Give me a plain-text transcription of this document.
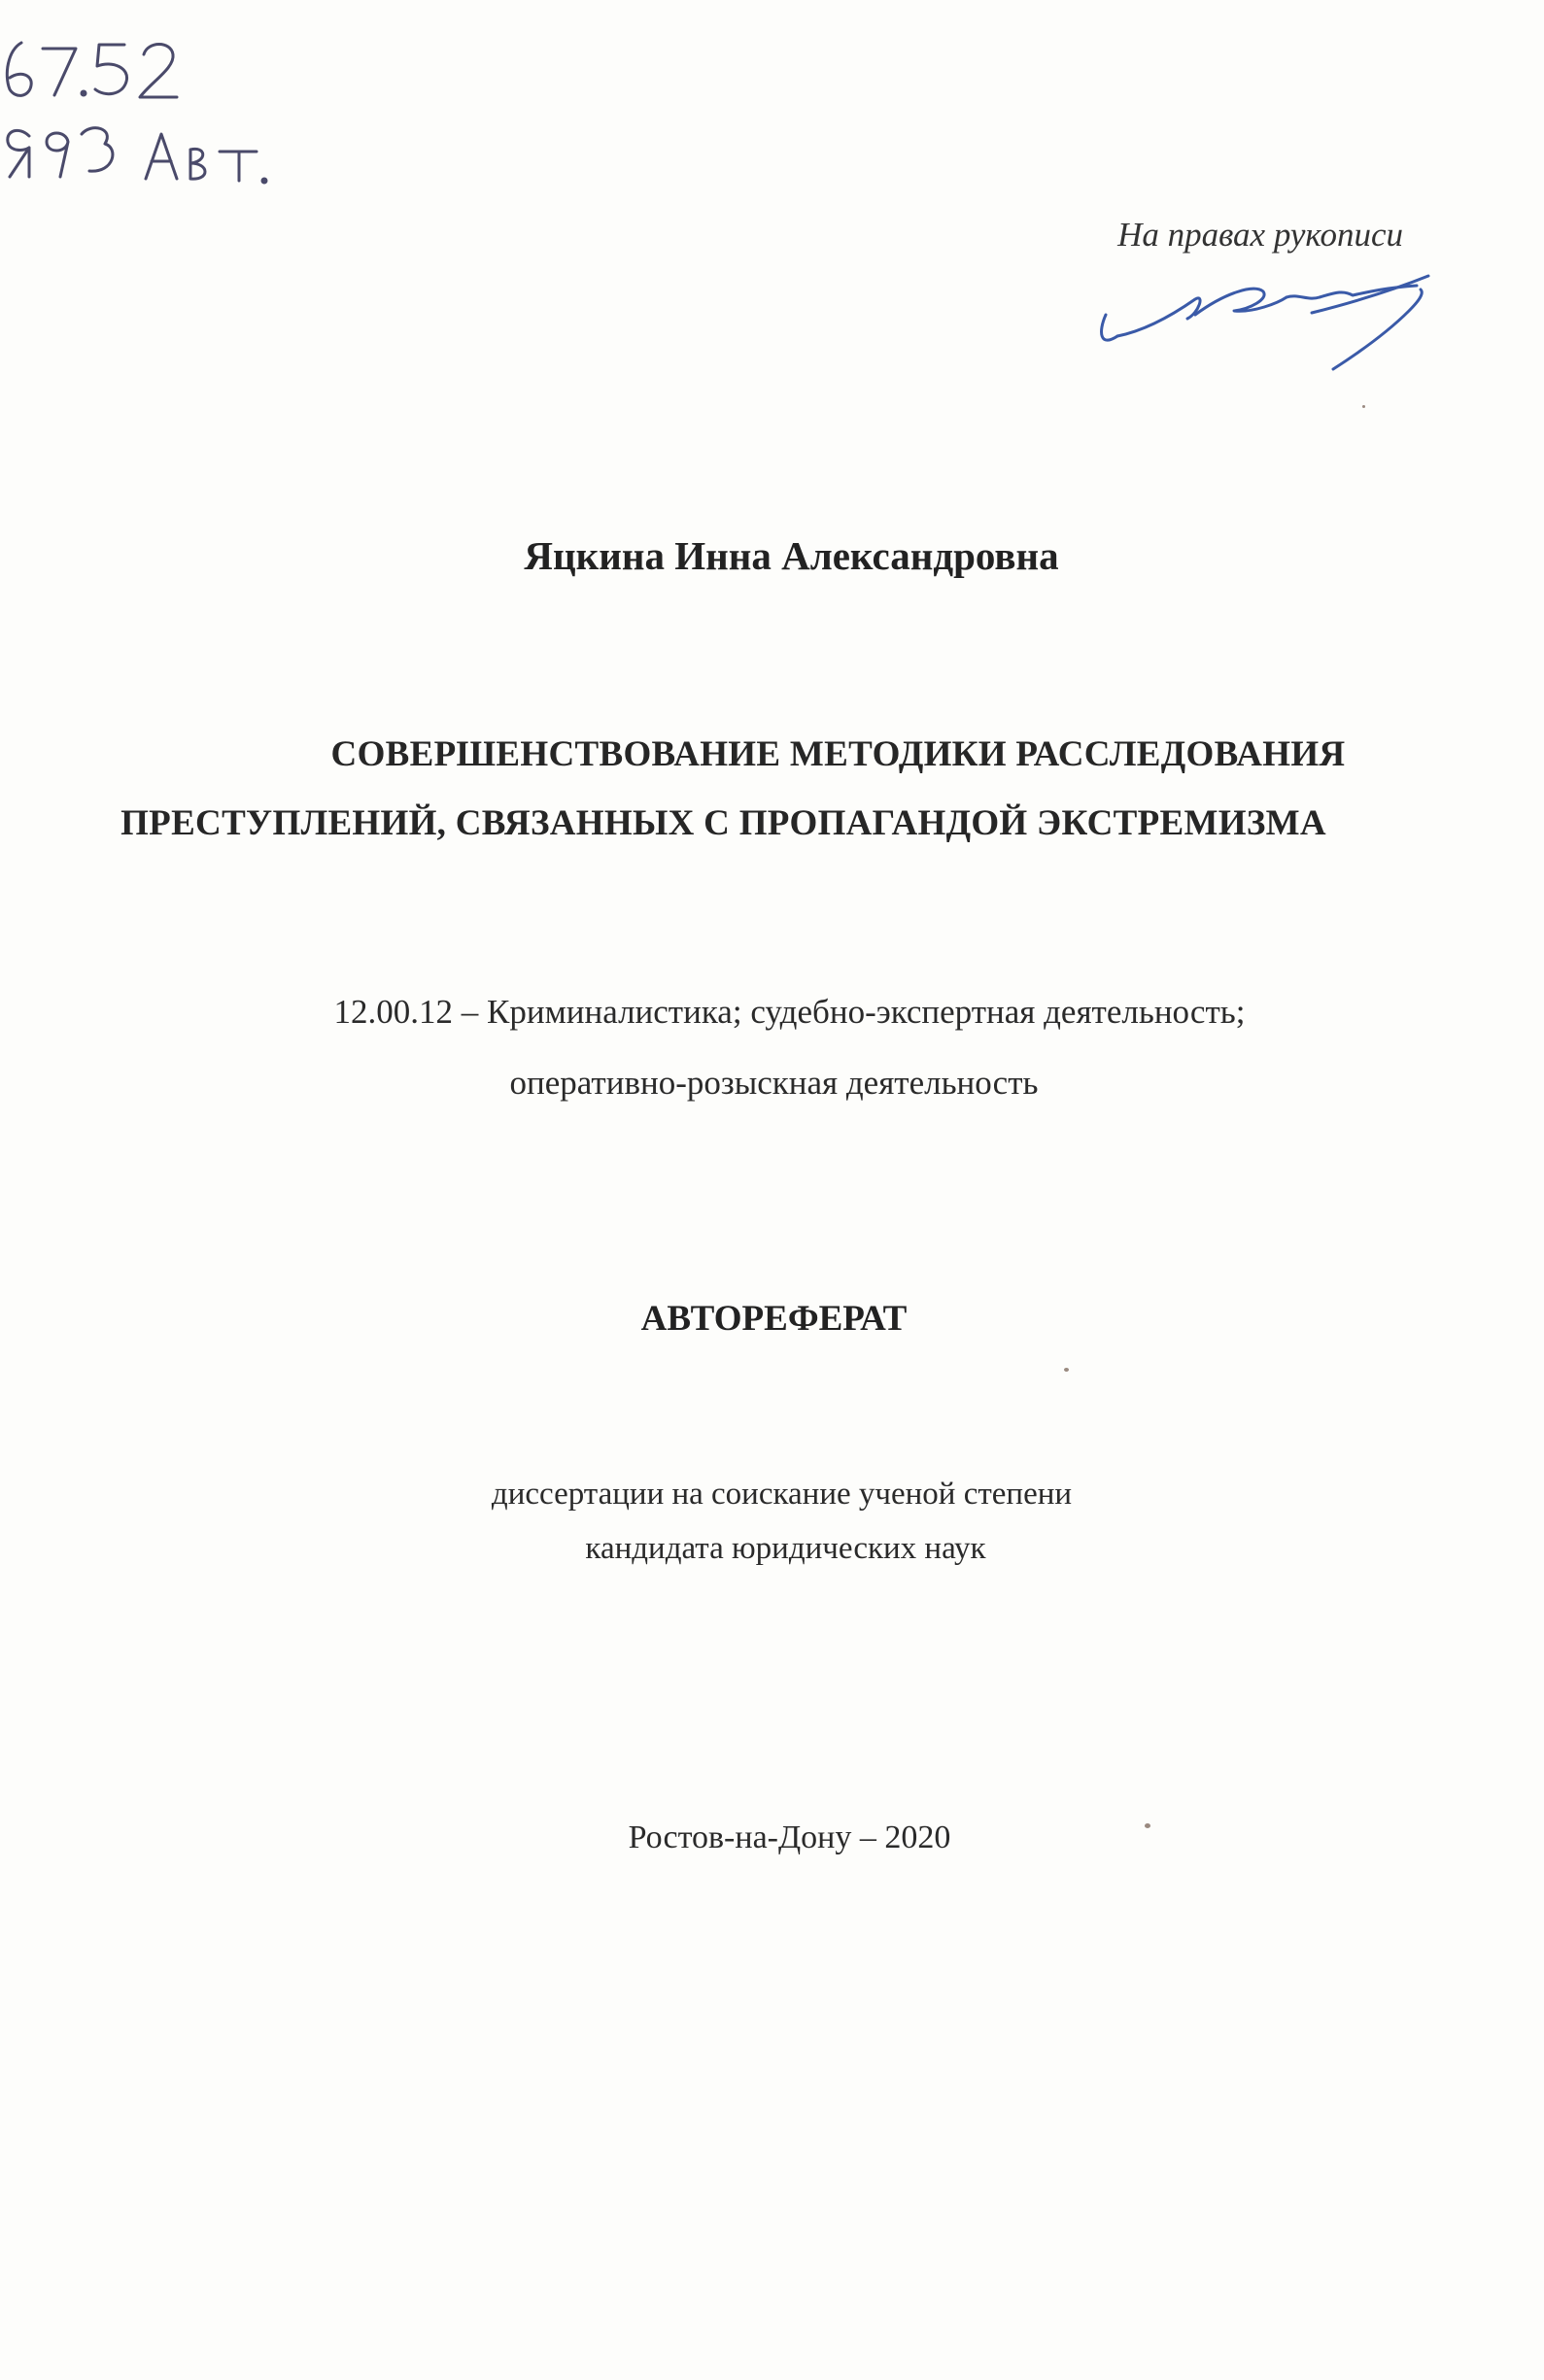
На правах рукописи
Яцкина Инна Александровна
СОВЕРШЕНСТВОВАНИЕ МЕТОДИКИ РАССЛЕДОВАНИЯ
ПРЕСТУПЛЕНИЙ, СВЯЗАННЫХ С ПРОПАГАНДОЙ ЭКСТРЕМИЗМА
12.00.12 – Криминалистика; судебно-экспертная деятельность;
оперативно-розыскная деятельность
АВТОРЕФЕРАТ
диссертации на соискание ученой степени
кандидата юридических наук
Ростов-на-Дону – 2020
